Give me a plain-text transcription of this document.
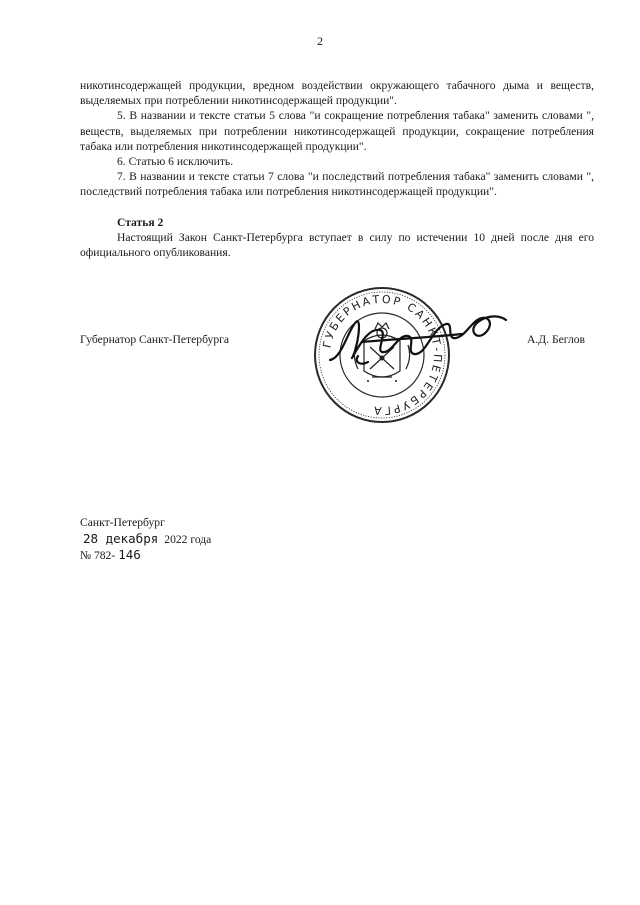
2

никотинсодержащей продукции, вредном воздействии окружающего табачного дыма и веществ, выделяемых при потреблении никотинсодержащей продукции".

5. В названии и тексте статьи 5 слова "и сокращение потребления табака" заменить словами ", веществ, выделяемых при потреблении никотинсодержащей продукции, сокращение потребления табака или потребления никотинсодержащей продукции".

6. Статью 6 исключить.

7. В названии и тексте статьи 7 слова "и последствий потребления табака" заменить словами ", последствий потребления табака или потребления никотинсодержащей продукции".

Статья 2

Настоящий Закон Санкт-Петербурга вступает в силу по истечении 10 дней после дня его официального опубликования.

Губернатор Санкт-Петербурга	А.Д. Беглов
ГУБЕРНАТОР САНКТ-ПЕТЕРБУРГА
Санкт-Петербург
28 декабря 2022 года
№ 782- 146
